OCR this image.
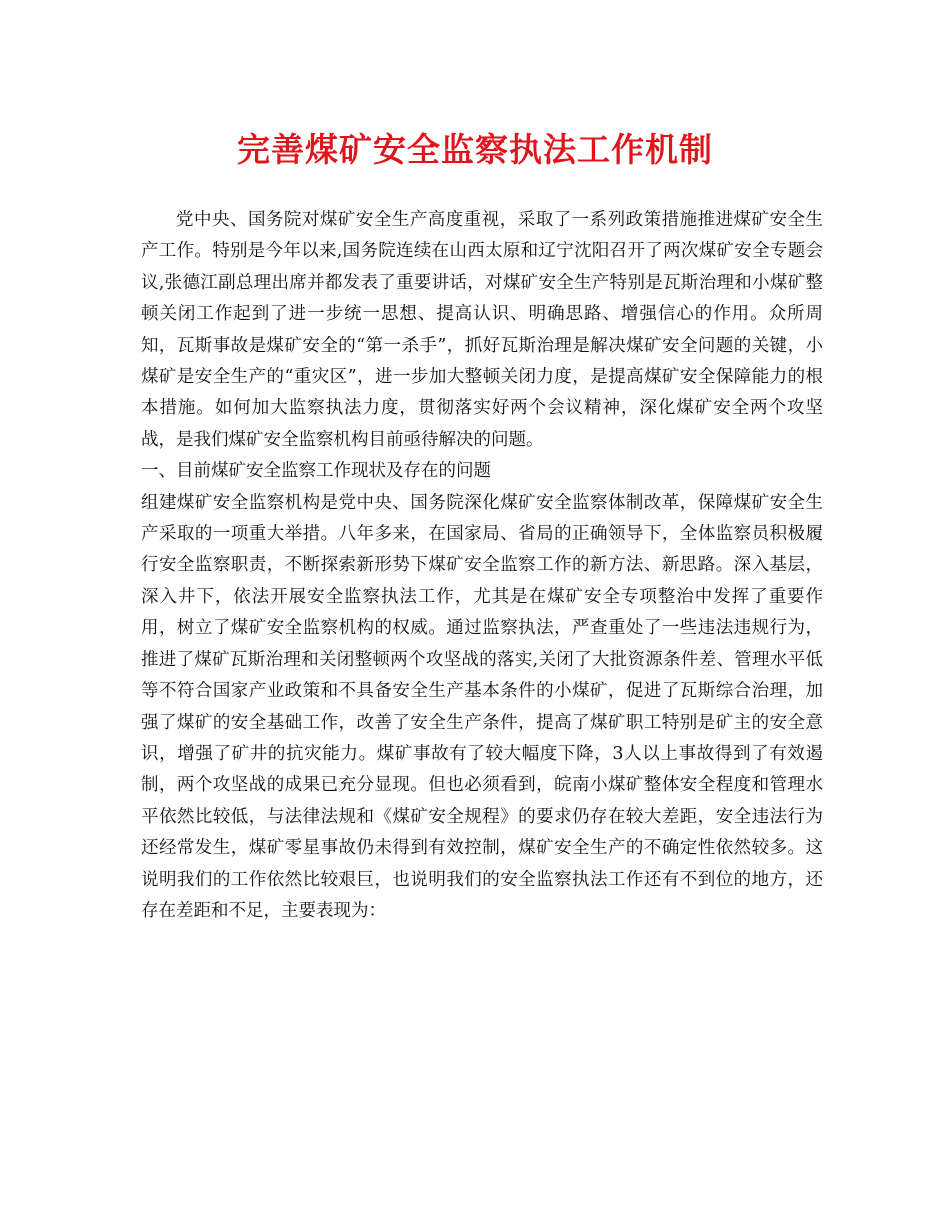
完善煤矿安全监察执法工作机制

党中央、国务院对煤矿安全生产高度重视，采取了一系列政策措施推进煤矿安全生产工作。特别是今年以来,国务院连续在山西太原和辽宁沈阳召开了两次煤矿安全专题会议,张德江副总理出席并都发表了重要讲话，对煤矿安全生产特别是瓦斯治理和小煤矿整顿关闭工作起到了进一步统一思想、提高认识、明确思路、增强信心的作用。众所周知，瓦斯事故是煤矿安全的“第一杀手”，抓好瓦斯治理是解决煤矿安全问题的关键，小煤矿是安全生产的“重灾区”，进一步加大整顿关闭力度，是提高煤矿安全保障能力的根本措施。如何加大监察执法力度，贯彻落实好两个会议精神，深化煤矿安全两个攻坚战，是我们煤矿安全监察机构目前亟待解决的问题。

一、目前煤矿安全监察工作现状及存在的问题

组建煤矿安全监察机构是党中央、国务院深化煤矿安全监察体制改革，保障煤矿安全生产采取的一项重大举措。八年多来，在国家局、省局的正确领导下，全体监察员积极履行安全监察职责，不断探索新形势下煤矿安全监察工作的新方法、新思路。深入基层，深入井下，依法开展安全监察执法工作，尤其是在煤矿安全专项整治中发挥了重要作用，树立了煤矿安全监察机构的权威。通过监察执法，严查重处了一些违法违规行为，推进了煤矿瓦斯治理和关闭整顿两个攻坚战的落实,关闭了大批资源条件差、管理水平低等不符合国家产业政策和不具备安全生产基本条件的小煤矿，促进了瓦斯综合治理，加强了煤矿的安全基础工作，改善了安全生产条件，提高了煤矿职工特别是矿主的安全意识，增强了矿井的抗灾能力。煤矿事故有了较大幅度下降，3人以上事故得到了有效遏制，两个攻坚战的成果已充分显现。但也必须看到，皖南小煤矿整体安全程度和管理水平依然比较低，与法律法规和《煤矿安全规程》的要求仍存在较大差距，安全违法行为还经常发生，煤矿零星事故仍未得到有效控制，煤矿安全生产的不确定性依然较多。这说明我们的工作依然比较艰巨，也说明我们的安全监察执法工作还有不到位的地方，还存在差距和不足，主要表现为：
